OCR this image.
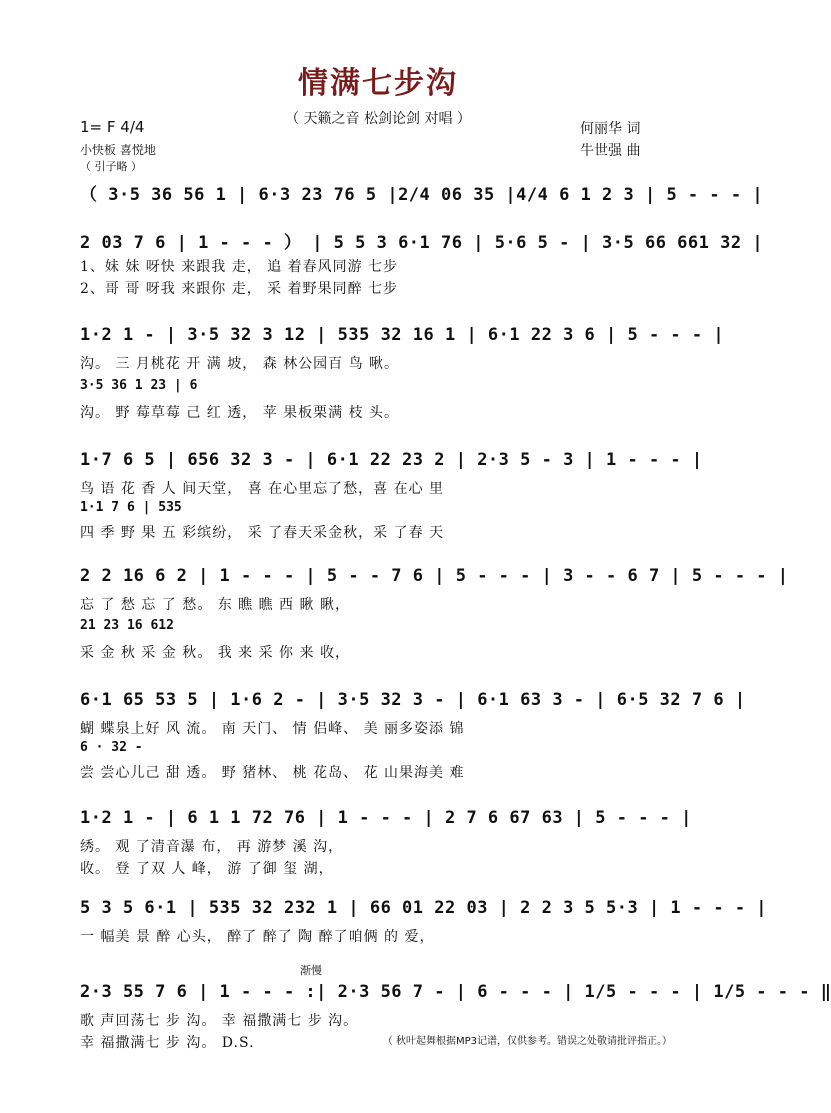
情满七步沟
（ 天籁之音 松剑论剑 对唱 ）
1= F 4/4
小快板 喜悦地
（ 引子略 ）
何丽华 词
牛世强 曲
（ 3·5 36 56 1 | 6·3 23 76 5 |2/4 06 35 |4/4 6 1 2 3 | 5 - - - |
2 03 7 6 | 1 - - - ） | 5 5 3 6·1 76 | 5·6 5 - | 3·5 66 661 32 |
1、妹 妹 呀快 来跟我 走， 追 着春风同游 七步
2、哥 哥 呀我 来跟你 走， 采 着野果同醉 七步
1·2 1 - | 3·5 32 3 12 | 535 32 16 1 | 6·1 22 3 6 | 5 - - - |
沟。 三 月桃花 开 满 坡， 森 林公园百 鸟 啾。
3·5 36 1 23 | 6
沟。 野 莓草莓 己 红 透， 苹 果板栗满 枝 头。
1·7 6 5 | 656 32 3 - | 6·1 22 23 2 | 2·3 5 - 3 | 1 - - - |
鸟 语 花 香 人 间天堂， 喜 在心里忘了愁，喜 在心 里
1·1 7 6 | 535
四 季 野 果 五 彩缤纷， 采 了春天采金秋，采 了春 天
2 2 16 6 2 | 1 - - - | 5 - - 7 6 | 5 - - - | 3 - - 6 7 | 5 - - - |
忘 了 愁 忘 了 愁。 东 瞧 瞧 西 瞅 瞅，
21 23 16 612
采 金 秋 采 金 秋。 我 来 采 你 来 收，
6·1 65 53 5 | 1·6 2 - | 3·5 32 3 - | 6·1 63 3 - | 6·5 32 7 6 |
蝴 蝶泉上好 风 流。 南 天门、 情 侣峰、 美 丽多姿添 锦
6 · 32 -
尝 尝心儿己 甜 透。 野 猪林、 桃 花岛、 花 山果海美 难
1·2 1 - | 6 1 1 72 76 | 1 - - - | 2 7 6 67 63 | 5 - - - |
绣。 观 了清音瀑 布， 再 游梦 溪 沟，
收。 登 了双 人 峰， 游 了御 玺 湖，
5 3 5 6·1 | 535 32 232 1 | 66 01 22 03 | 2 2 3 5 5·3 | 1 - - - |
一 幅美 景 醉 心头， 醉了 醉了 陶 醉了咱俩 的 爱，
渐慢
2·3 55 7 6 | 1 - - - :| 2·3 56 7 - | 6 - - - | 1/5 - - - | 1/5 - - - ‖
歌 声回荡七 步 沟。 幸 福撒满七 步 沟。
幸 福撒满七 步 沟。 D.S.	（ 秋叶起舞根据MP3记谱，仅供参考。错误之处敬请批评指正。）
